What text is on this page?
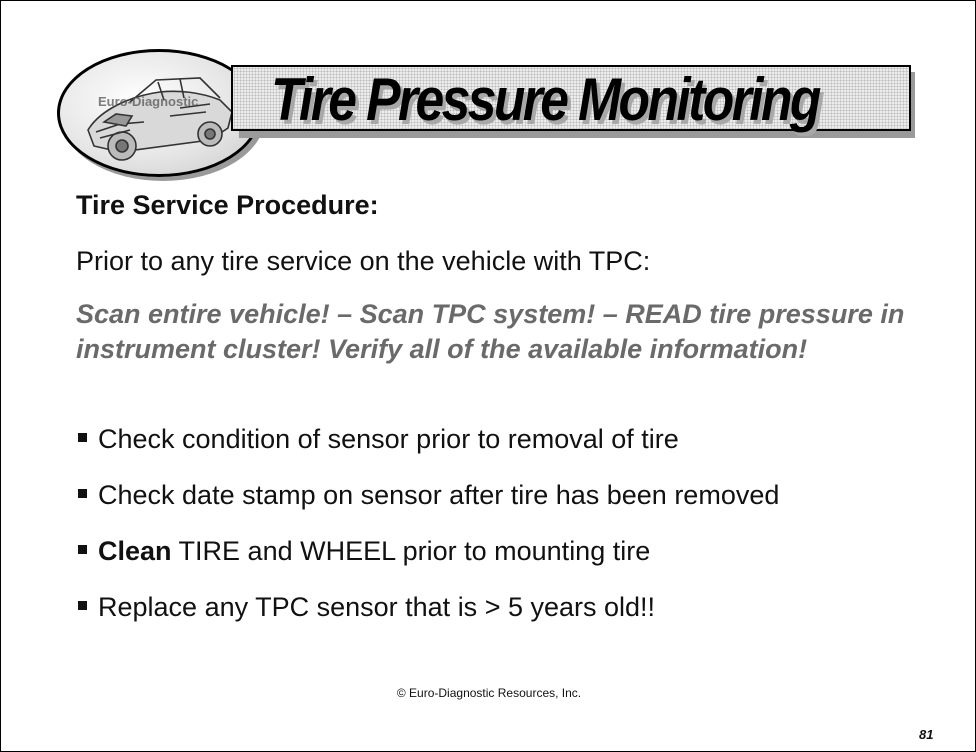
Euro-Diagnostic Tire Pressure Monitoring
Tire Service Procedure:
Prior to any tire service on the vehicle with TPC:
Scan entire vehicle! – Scan TPC system! – READ tire pressure in instrument cluster! Verify all of the available information!
Check condition of sensor prior to removal of tire
Check date stamp on sensor after tire has been removed
Clean TIRE and WHEEL prior to mounting tire
Replace any TPC sensor that is > 5 years old!!
© Euro-Diagnostic Resources, Inc.
81
